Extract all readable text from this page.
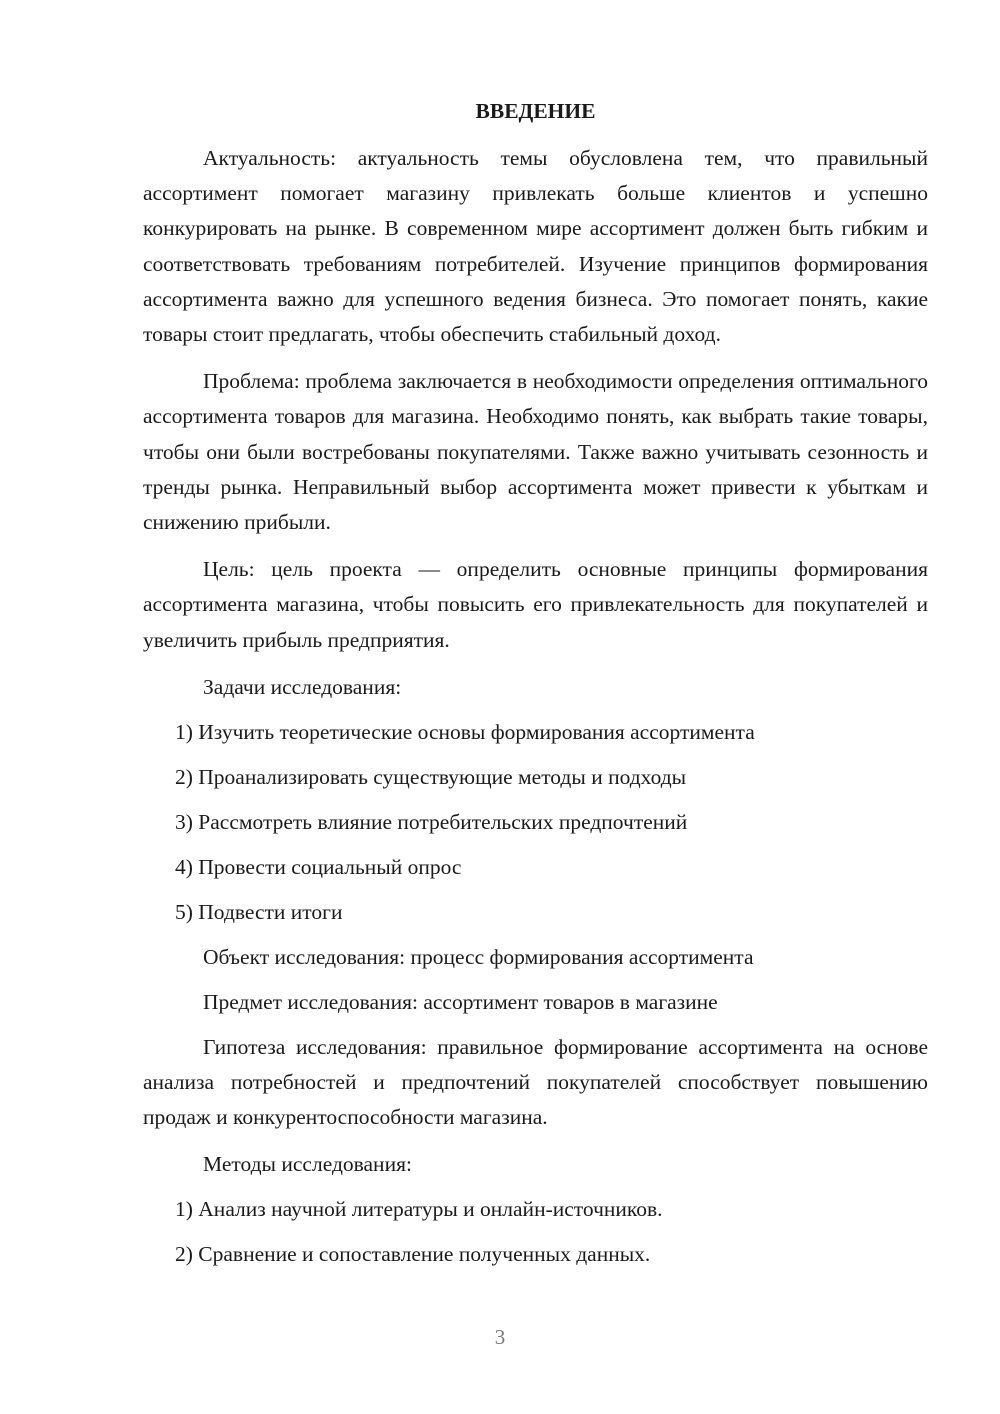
ВВЕДЕНИЕ

Актуальность: актуальность темы обусловлена тем, что правильный ассортимент помогает магазину привлекать больше клиентов и успешно конкурировать на рынке. В современном мире ассортимент должен быть гибким и соответствовать требованиям потребителей. Изучение принципов формирования ассортимента важно для успешного ведения бизнеса. Это помогает понять, какие товары стоит предлагать, чтобы обеспечить стабильный доход.

Проблема: проблема заключается в необходимости определения оптимального ассортимента товаров для магазина. Необходимо понять, как выбрать такие товары, чтобы они были востребованы покупателями. Также важно учитывать сезонность и тренды рынка. Неправильный выбор ассортимента может привести к убыткам и снижению прибыли.

Цель: цель проекта — определить основные принципы формирования ассортимента магазина, чтобы повысить его привлекательность для покупателей и увеличить прибыль предприятия.

Задачи исследования:

1) Изучить теоретические основы формирования ассортимента

2) Проанализировать существующие методы и подходы

3) Рассмотреть влияние потребительских предпочтений

4) Провести социальный опрос

5) Подвести итоги

Объект исследования: процесс формирования ассортимента

Предмет исследования: ассортимент товаров в магазине

Гипотеза исследования: правильное формирование ассортимента на основе анализа потребностей и предпочтений покупателей способствует повышению продаж и конкурентоспособности магазина.

Методы исследования:

1) Анализ научной литературы и онлайн-источников.

2) Сравнение и сопоставление полученных данных.

3
